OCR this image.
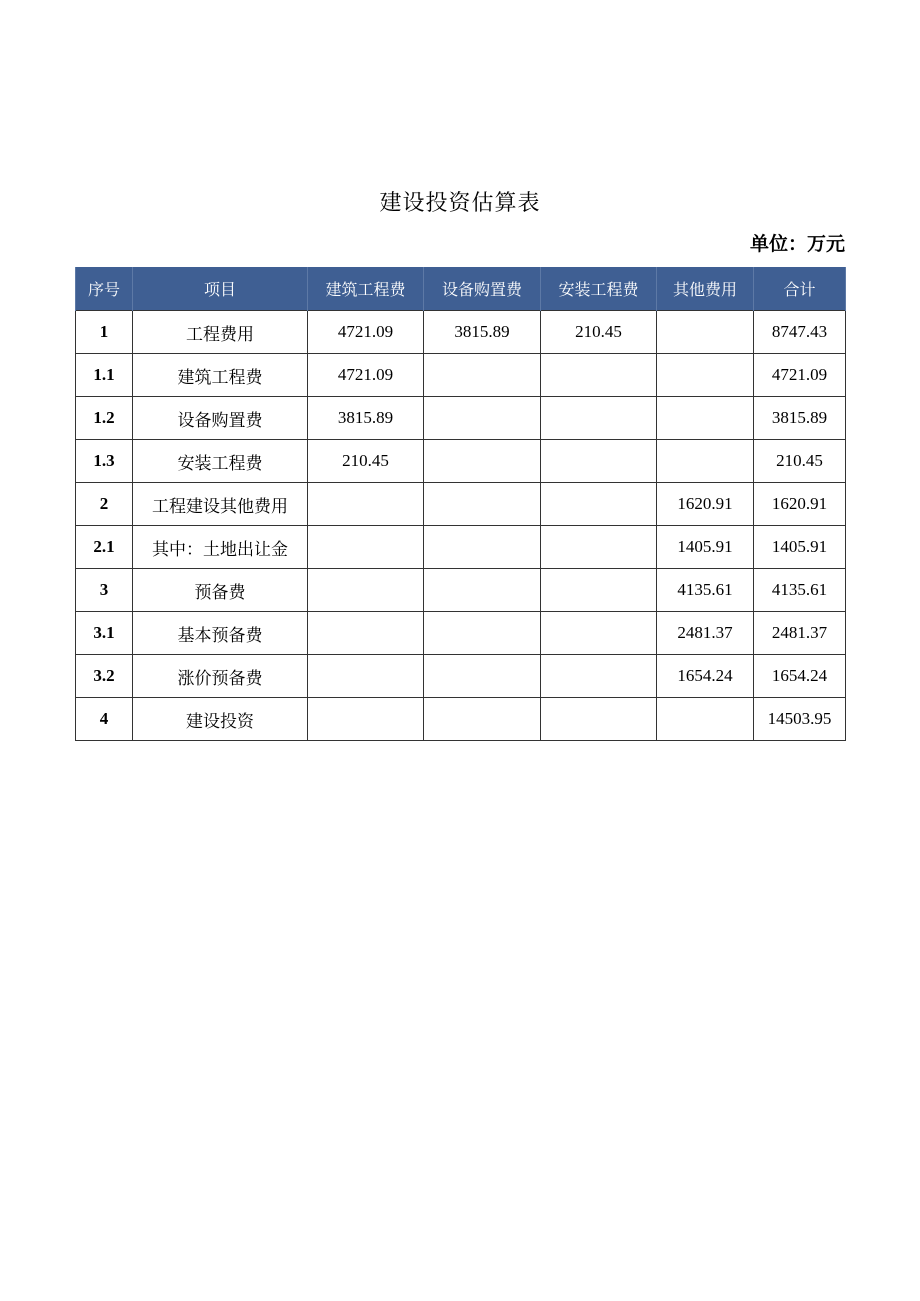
建设投资估算表
单位：万元
序号	项目	建筑工程费	设备购置费	安装工程费	其他费用	合计
1	工程费用	4721.09	3815.89	210.45		8747.43
1.1	建筑工程费	4721.09				4721.09
1.2	设备购置费	3815.89				3815.89
1.3	安装工程费	210.45				210.45
2	工程建设其他费用				1620.91	1620.91
2.1	其中：土地出让金				1405.91	1405.91
3	预备费				4135.61	4135.61
3.1	基本预备费				2481.37	2481.37
3.2	涨价预备费				1654.24	1654.24
4	建设投资					14503.95
